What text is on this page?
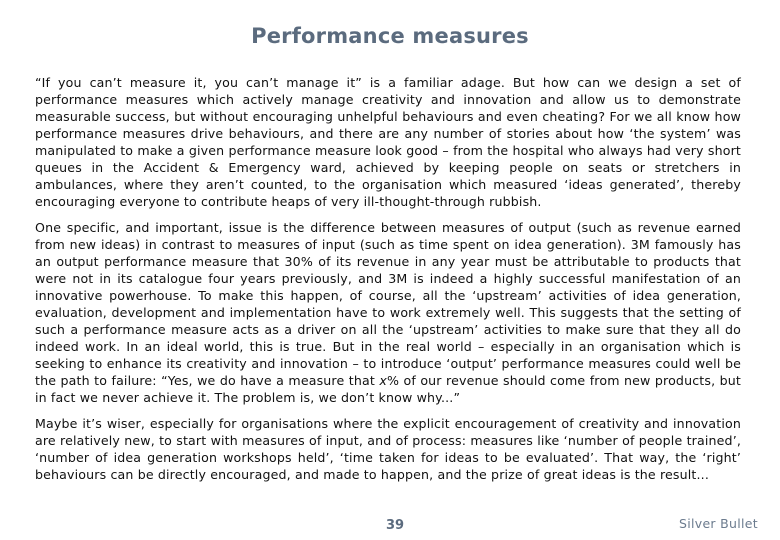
Performance measures

“If you can’t measure it, you can’t manage it” is a familiar adage. But how can we design a set of performance measures which actively manage creativity and innovation and allow us to demonstrate measurable success, but without encouraging unhelpful behaviours and even cheating? For we all know how performance measures drive behaviours, and there are any number of stories about how ‘the system’ was manipulated to make a given performance measure look good – from the hospital who always had very short queues in the Accident & Emergency ward, achieved by keeping people on seats or stretchers in ambulances, where they aren’t counted, to the organisation which measured ‘ideas generated’, thereby encouraging everyone to contribute heaps of very ill-thought-through rubbish.

One specific, and important, issue is the difference between measures of output (such as revenue earned from new ideas) in contrast to measures of input (such as time spent on idea generation). 3M famously has an output performance measure that 30% of its revenue in any year must be attributable to products that were not in its catalogue four years previously, and 3M is indeed a highly successful manifestation of an innovative powerhouse. To make this happen, of course, all the ‘upstream’ activities of idea generation, evaluation, development and implementation have to work extremely well. This suggests that the setting of such a performance measure acts as a driver on all the ‘upstream’ activities to make sure that they all do indeed work. In an ideal world, this is true. But in the real world – especially in an organisation which is seeking to enhance its creativity and innovation – to introduce ‘output’ performance measures could well be the path to failure: “Yes, we do have a measure that x% of our revenue should come from new products, but in fact we never achieve it. The problem is, we don’t know why...”

Maybe it’s wiser, especially for organisations where the explicit encouragement of creativity and innovation are relatively new, to start with measures of input, and of process: measures like ‘number of people trained’, ‘number of idea generation workshops held’, ‘time taken for ideas to be evaluated’. That way, the ‘right’ behaviours can be directly encouraged, and made to happen, and the prize of great ideas is the result...

39	Silver Bullet
